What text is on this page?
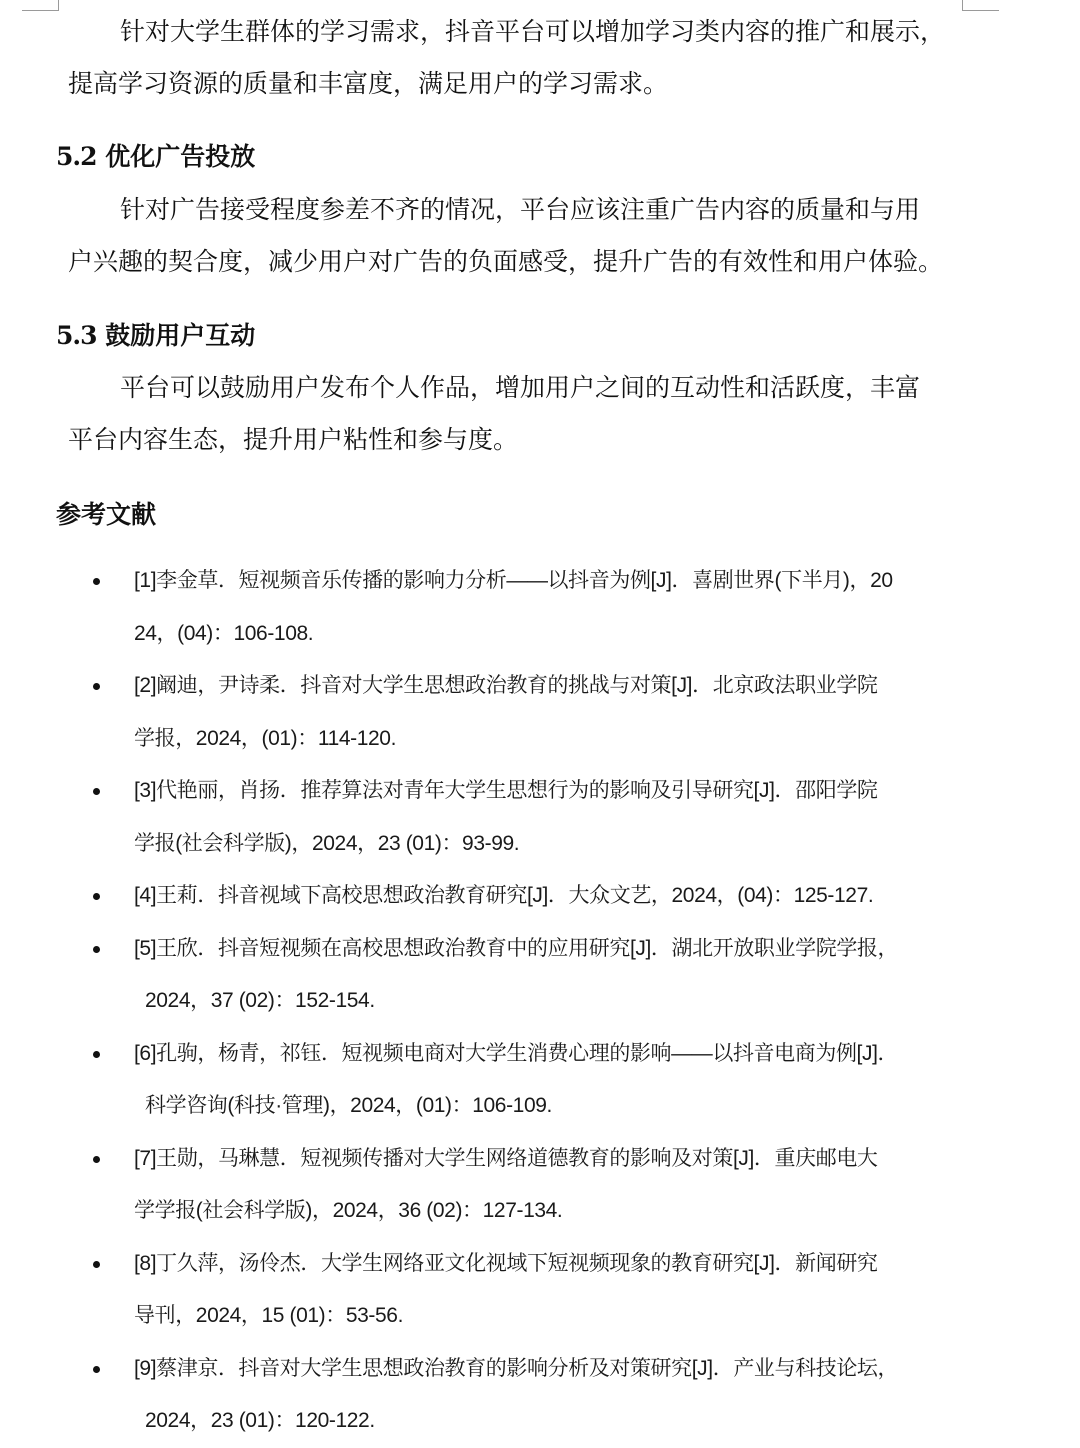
针对大学生群体的学习需求，抖音平台可以增加学习类内容的推广和展示，
提高学习资源的质量和丰富度，满足用户的学习需求。

5.2 优化广告投放

针对广告接受程度参差不齐的情况，平台应该注重广告内容的质量和与用
户兴趣的契合度，减少用户对广告的负面感受，提升广告的有效性和用户体验。

5.3 鼓励用户互动

平台可以鼓励用户发布个人作品，增加用户之间的互动性和活跃度，丰富
平台内容生态，提升用户粘性和参与度。

参考文献
[1]李金草．短视频音乐传播的影响力分析——以抖音为例[J]．喜剧世界(下半月)，20
24，(04)：106-108.
[2]阚迪，尹诗柔．抖音对大学生思想政治教育的挑战与对策[J]．北京政法职业学院
学报，2024，(01)：114-120.
[3]代艳丽，肖扬．推荐算法对青年大学生思想行为的影响及引导研究[J]．邵阳学院
学报(社会科学版)，2024，23 (01)：93-99.
[4]王莉．抖音视域下高校思想政治教育研究[J]．大众文艺，2024，(04)：125-127.
[5]王欣．抖音短视频在高校思想政治教育中的应用研究[J]．湖北开放职业学院学报，
2024，37 (02)：152-154.
[6]孔驹，杨青，祁钰．短视频电商对大学生消费心理的影响——以抖音电商为例[J]．
科学咨询(科技·管理)，2024，(01)：106-109.
[7]王勋，马琳慧．短视频传播对大学生网络道德教育的影响及对策[J]．重庆邮电大
学学报(社会科学版)，2024，36 (02)：127-134.
[8]丁久萍，汤伶杰．大学生网络亚文化视域下短视频现象的教育研究[J]．新闻研究
导刊，2024，15 (01)：53-56.
[9]蔡津京．抖音对大学生思想政治教育的影响分析及对策研究[J]．产业与科技论坛，
2024，23 (01)：120-122.
